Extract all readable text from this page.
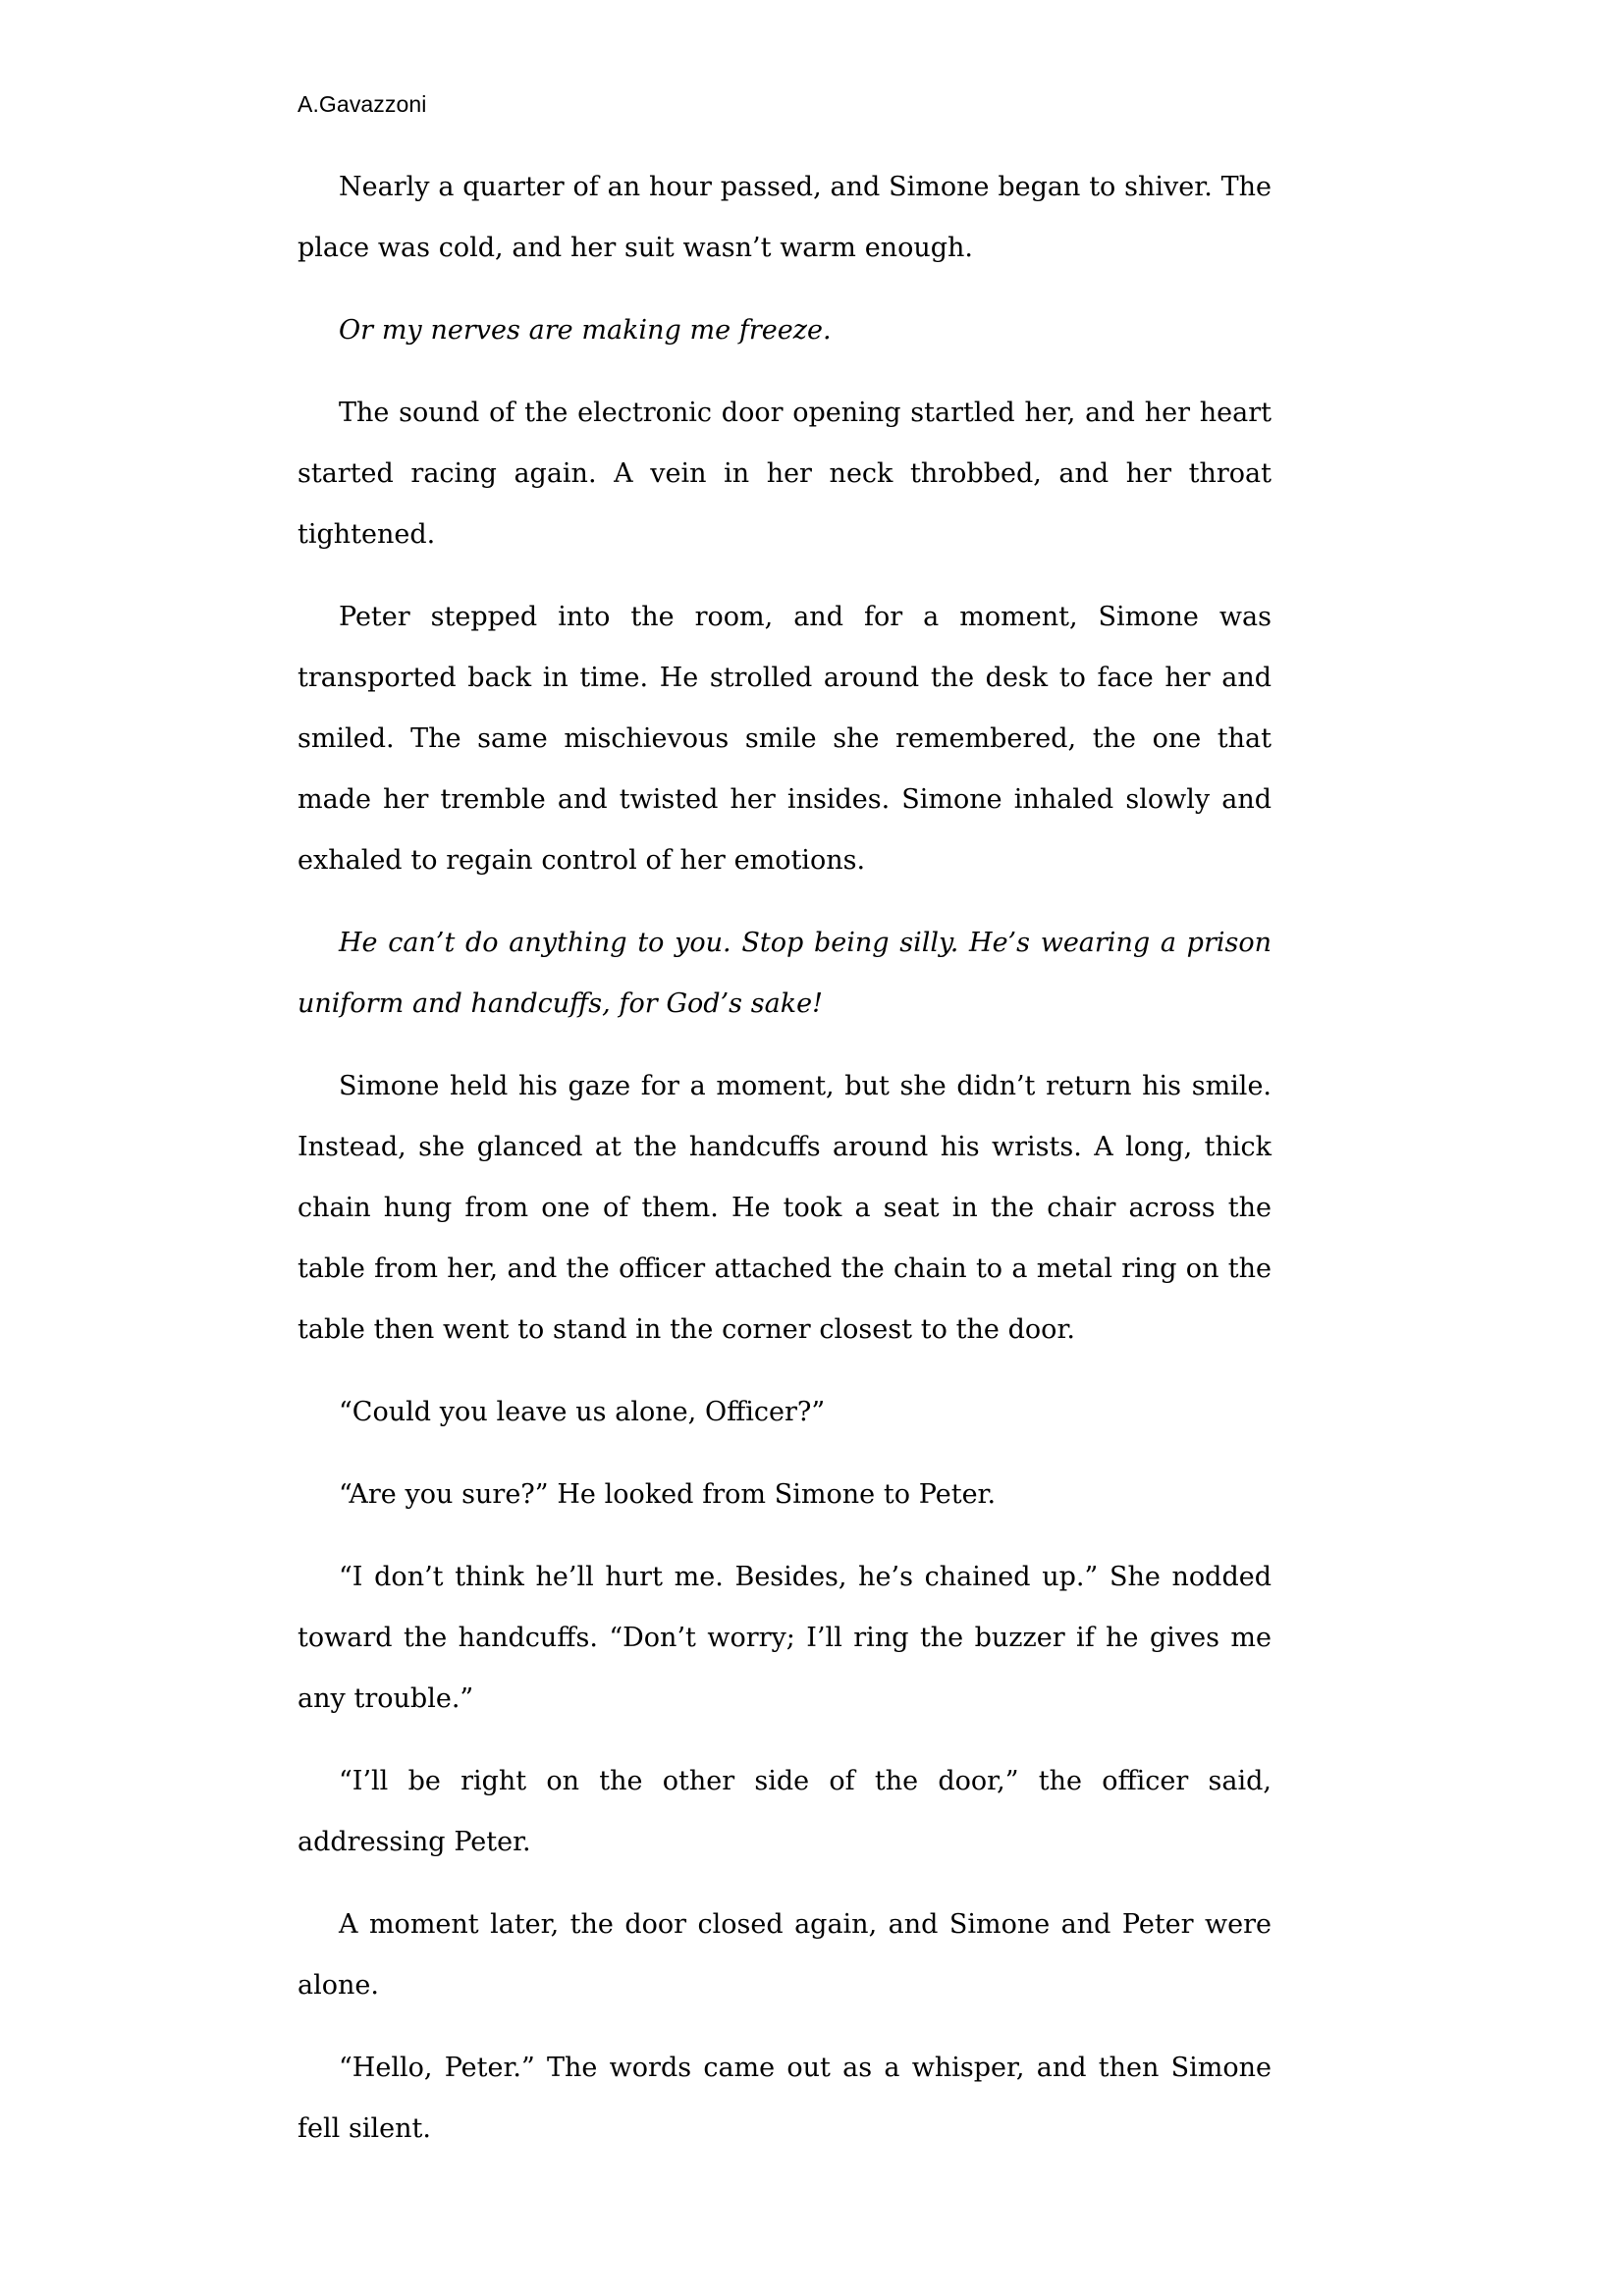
A.Gavazzoni

Nearly a quarter of an hour passed, and Simone began to shiver. The place was cold, and her suit wasn’t warm enough.

Or my nerves are making me freeze.

The sound of the electronic door opening startled her, and her heart started racing again. A vein in her neck throbbed, and her throat tightened.

Peter stepped into the room, and for a moment, Simone was transported back in time. He strolled around the desk to face her and smiled. The same mischievous smile she remembered, the one that made her tremble and twisted her insides. Simone inhaled slowly and exhaled to regain control of her emotions.

He can’t do anything to you. Stop being silly. He’s wearing a prison uniform and handcuffs, for God’s sake!

Simone held his gaze for a moment, but she didn’t return his smile. Instead, she glanced at the handcuffs around his wrists. A long, thick chain hung from one of them. He took a seat in the chair across the table from her, and the officer attached the chain to a metal ring on the table then went to stand in the corner closest to the door.

“Could you leave us alone, Officer?”

“Are you sure?” He looked from Simone to Peter.

“I don’t think he’ll hurt me. Besides, he’s chained up.” She nodded toward the handcuffs. “Don’t worry; I’ll ring the buzzer if he gives me any trouble.”

“I’ll be right on the other side of the door,” the officer said, addressing Peter.

A moment later, the door closed again, and Simone and Peter were alone.

“Hello, Peter.” The words came out as a whisper, and then Simone fell silent.
